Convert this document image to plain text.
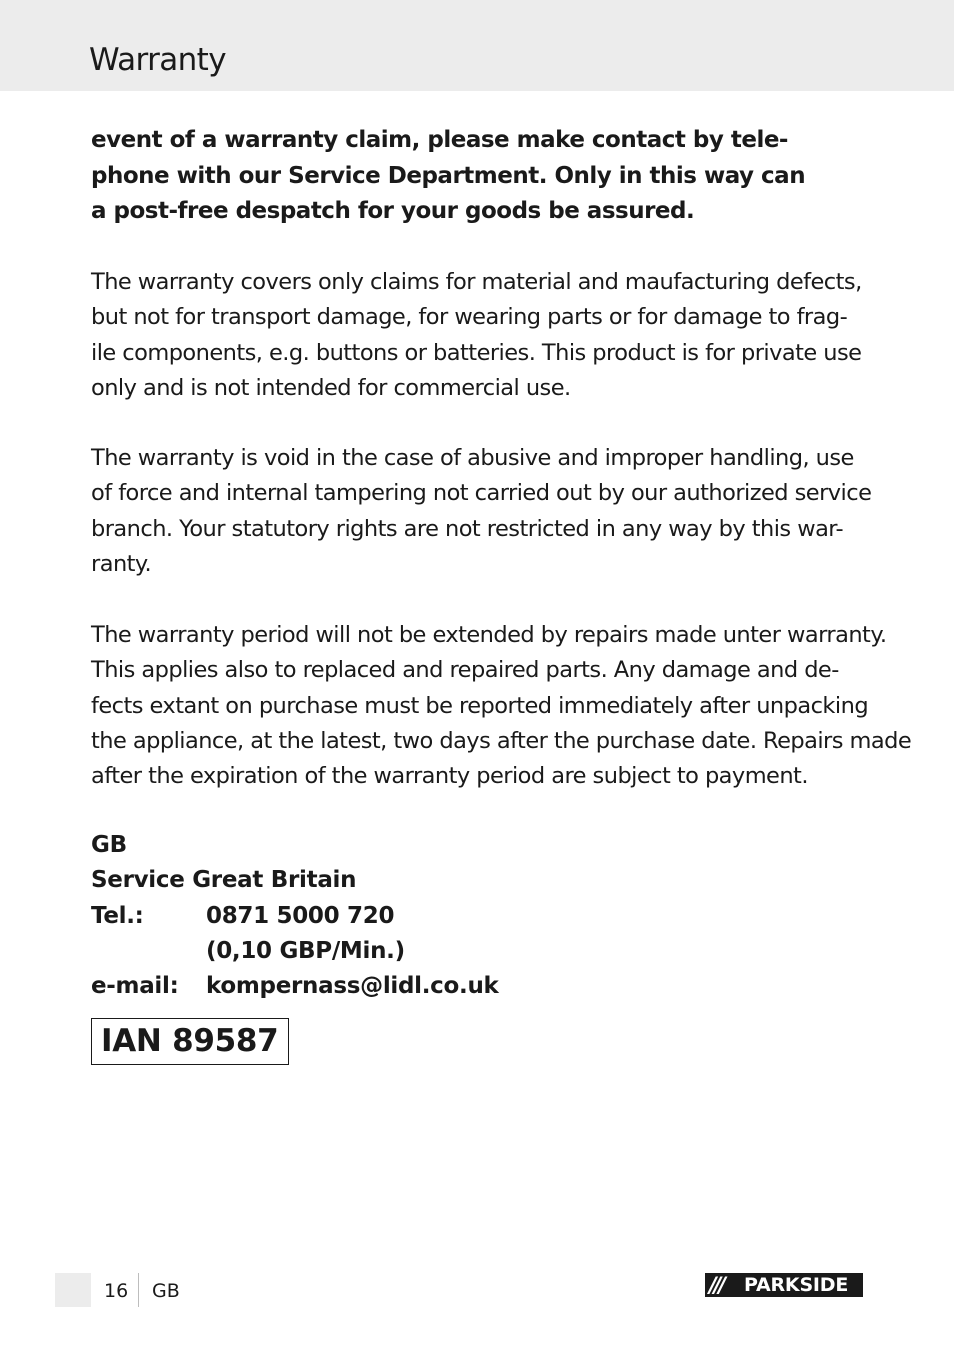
Warranty

event of a warranty claim, please make contact by tele-

phone with our Service Department. Only in this way can

a post-free despatch for your goods be assured.

The warranty covers only claims for material and maufacturing defects,

but not for transport damage, for wearing parts or for damage to frag-

ile components, e.g. buttons or batteries. This product is for private use

only and is not intended for commercial use.

The warranty is void in the case of abusive and improper handling, use

of force and internal tampering not carried out by our authorized service

branch. Your statutory rights are not restricted in any way by this war-

ranty.

The warranty period will not be extended by repairs made unter warranty.

This applies also to replaced and repaired parts. Any damage and de-

fects extant on purchase must be reported immediately after unpacking

the appliance, at the latest, two days after the purchase date. Repairs made

after the expiration of the warranty period are subject to payment.

GB
Service Great Britain
Tel.:	0871 5000 720
(0,10 GBP/Min.)
e-mail:	kompernass@lidl.co.uk
IAN 89587
16 GB	///	PARKSIDE
